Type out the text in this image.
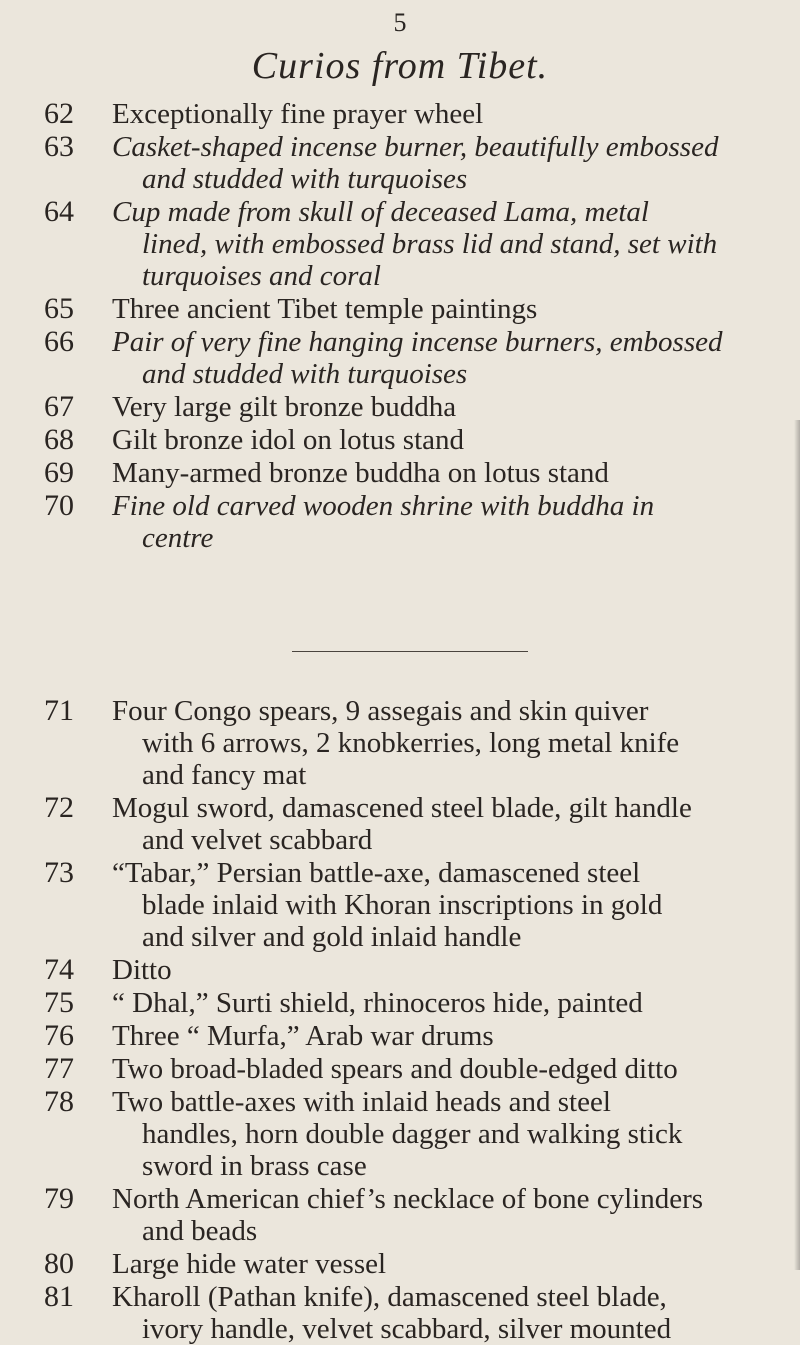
5
Curios from Tibet.
62	Exceptionally fine prayer wheel
63	Casket-shaped incense burner, beautifully embossed
and studded with turquoises
64	Cup made from skull of deceased Lama, metal
lined, with embossed brass lid and stand, set with
turquoises and coral
65	Three ancient Tibet temple paintings
66	Pair of very fine hanging incense burners, embossed
and studded with turquoises
67	Very large gilt bronze buddha
68	Gilt bronze idol on lotus stand
69	Many-armed bronze buddha on lotus stand
70	Fine old carved wooden shrine with buddha in
centre
71	Four Congo spears, 9 assegais and skin quiver
with 6 arrows, 2 knobkerries, long metal knife
and fancy mat
72	Mogul sword, damascened steel blade, gilt handle
and velvet scabbard
73	“Tabar,” Persian battle-axe, damascened steel
blade inlaid with Khoran inscriptions in gold
and silver and gold inlaid handle
74	Ditto
75	“ Dhal,” Surti shield, rhinoceros hide, painted
76	Three “ Murfa,” Arab war drums
77	Two broad-bladed spears and double-edged ditto
78	Two battle-axes with inlaid heads and steel
handles, horn double dagger and walking stick
sword in brass case
79	North American chief’s necklace of bone cylinders
and beads
80	Large hide water vessel
81	Kharoll (Pathan knife), damascened steel blade,
ivory handle, velvet scabbard, silver mounted
